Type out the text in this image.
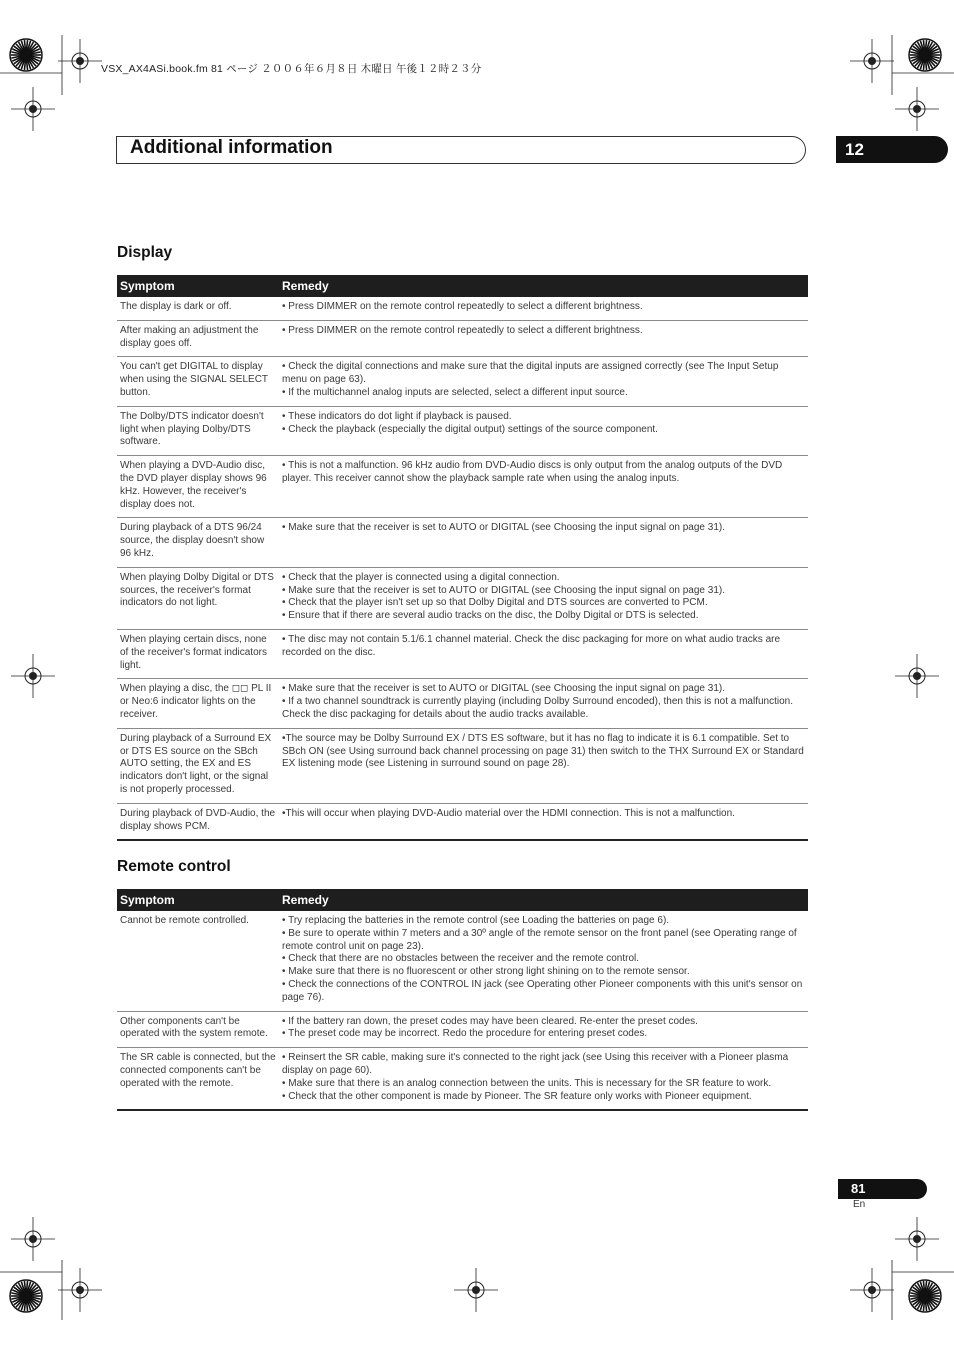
VSX_AX4ASi.book.fm 81 ページ ２００６年６月８日 木曜日 午後１２時２３分
Additional information	12
Display
Symptom	Remedy
The display is dark or off.	• Press DIMMER on the remote control repeatedly to select a different brightness.

After making an adjustment the display goes off.	• Press DIMMER on the remote control repeatedly to select a different brightness.

You can't get DIGITAL to display when using the SIGNAL SELECT button.	• Check the digital connections and make sure that the digital inputs are assigned correctly (see The Input Setup menu on page 63).
• If the multichannel analog inputs are selected, select a different input source.

The Dolby/DTS indicator doesn't light when playing Dolby/DTS software.	• These indicators do dot light if playback is paused.
• Check the playback (especially the digital output) settings of the source component.

When playing a DVD-Audio disc, the DVD player display shows 96 kHz. However, the receiver's display does not.	• This is not a malfunction. 96 kHz audio from DVD-Audio discs is only output from the analog outputs of the DVD player. This receiver cannot show the playback sample rate when using the analog inputs.

During playback of a DTS 96/24 source, the display doesn't show 96 kHz.	• Make sure that the receiver is set to AUTO or DIGITAL (see Choosing the input signal on page 31).

When playing Dolby Digital or DTS sources, the receiver's format indicators do not light.	• Check that the player is connected using a digital connection.
• Make sure that the receiver is set to AUTO or DIGITAL (see Choosing the input signal on page 31).
• Check that the player isn't set up so that Dolby Digital and DTS sources are converted to PCM.
• Ensure that if there are several audio tracks on the disc, the Dolby Digital or DTS is selected.

When playing certain discs, none of the receiver's format indicators light.	• The disc may not contain 5.1/6.1 channel material. Check the disc packaging for more on what audio tracks are recorded on the disc.

When playing a disc, the ◻◻ PL II or Neo:6 indicator lights on the receiver.	• Make sure that the receiver is set to AUTO or DIGITAL (see Choosing the input signal on page 31).
• If a two channel soundtrack is currently playing (including Dolby Surround encoded), then this is not a malfunction. Check the disc packaging for details about the audio tracks available.

During playback of a Surround EX or DTS ES source on the SBch AUTO setting, the EX and ES indicators don't light, or the signal is not properly processed.	•The source may be Dolby Surround EX / DTS ES software, but it has no flag to indicate it is 6.1 compatible. Set to SBch ON (see Using surround back channel processing on page 31) then switch to the THX Surround EX or Standard EX listening mode (see Listening in surround sound on page 28).

During playback of DVD-Audio, the display shows PCM.	•This will occur when playing DVD-Audio material over the HDMI connection. This is not a malfunction.
Remote control
Symptom	Remedy
Cannot be remote controlled.	• Try replacing the batteries in the remote control (see Loading the batteries on page 6).
• Be sure to operate within 7 meters and a 30º angle of the remote sensor on the front panel (see Operating range of remote control unit on page 23).
• Check that there are no obstacles between the receiver and the remote control.
• Make sure that there is no fluorescent or other strong light shining on to the remote sensor.
• Check the connections of the CONTROL IN jack (see Operating other Pioneer components with this unit's sensor on page 76).

Other components can't be operated with the system remote.	• If the battery ran down, the preset codes may have been cleared. Re-enter the preset codes.
• The preset code may be incorrect. Redo the procedure for entering preset codes.

The SR cable is connected, but the connected components can't be operated with the remote.	• Reinsert the SR cable, making sure it's connected to the right jack (see Using this receiver with a Pioneer plasma display on page 60).
• Make sure that there is an analog connection between the units. This is necessary for the SR feature to work.
• Check that the other component is made by Pioneer. The SR feature only works with Pioneer equipment.
81
En
